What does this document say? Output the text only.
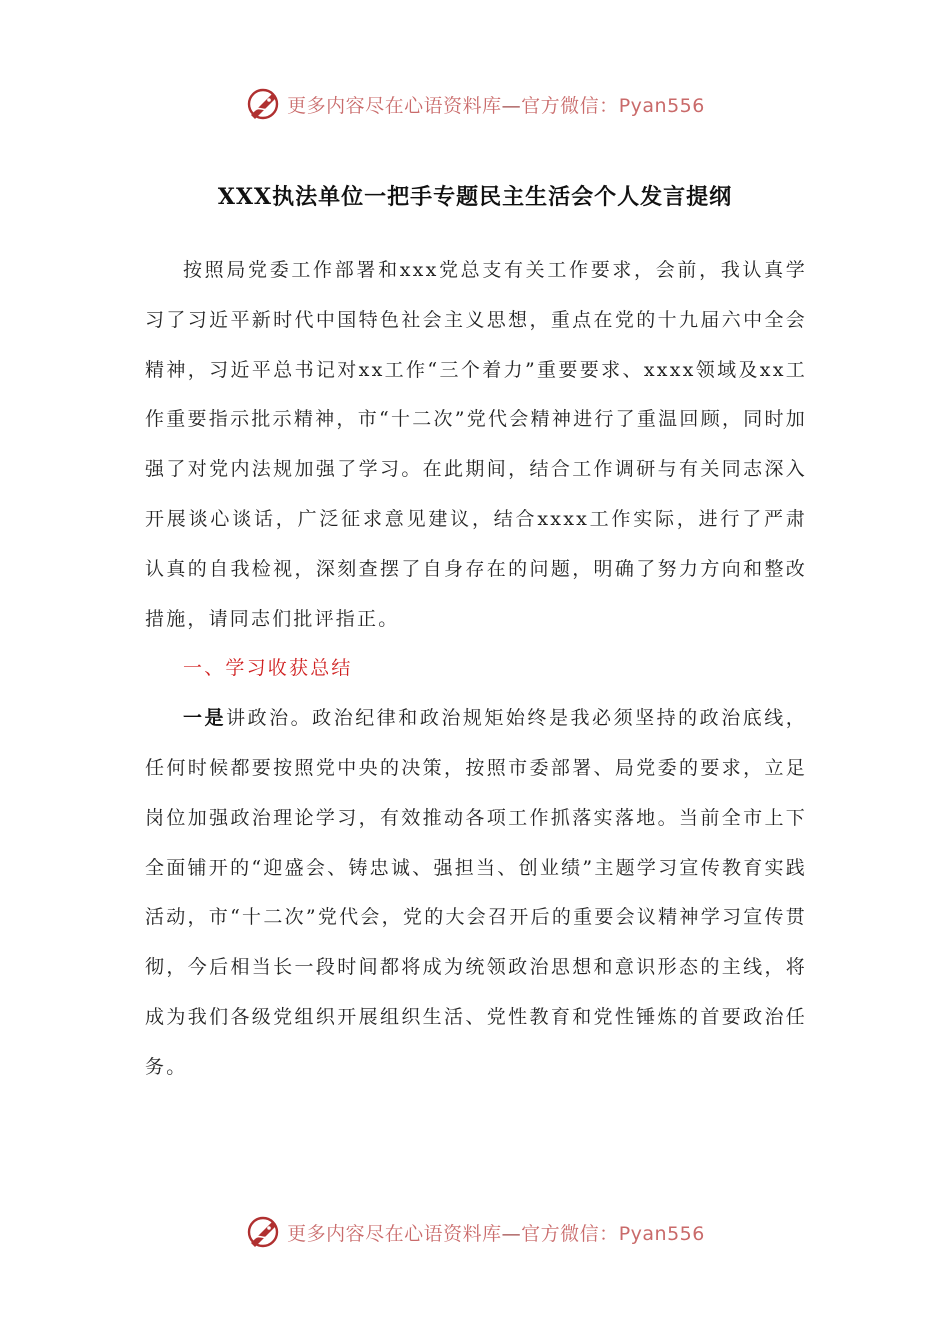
更多内容尽在心语资料库—官方微信：Pyan556
XXX执法单位一把手专题民主生活会个人发言提纲

按照局党委工作部署和xxx党总支有关工作要求，会前，我认真学习了习近平新时代中国特色社会主义思想，重点在党的十九届六中全会精神，习近平总书记对xx工作“三个着力”重要要求、xxxx领域及xx工作重要指示批示精神，市“十二次”党代会精神进行了重温回顾，同时加强了对党内法规加强了学习。在此期间，结合工作调研与有关同志深入开展谈心谈话，广泛征求意见建议，结合xxxx工作实际，进行了严肃认真的自我检视，深刻查摆了自身存在的问题，明确了努力方向和整改措施，请同志们批评指正。

一、学习收获总结

一是讲政治。政治纪律和政治规矩始终是我必须坚持的政治底线，任何时候都要按照党中央的决策，按照市委部署、局党委的要求，立足岗位加强政治理论学习，有效推动各项工作抓落实落地。当前全市上下全面铺开的“迎盛会、铸忠诚、强担当、创业绩”主题学习宣传教育实践活动，市“十二次”党代会，党的大会召开后的重要会议精神学习宣传贯彻，今后相当长一段时间都将成为统领政治思想和意识形态的主线，将成为我们各级党组织开展组织生活、党性教育和党性锤炼的首要政治任务。

更多内容尽在心语资料库—官方微信：Pyan556
